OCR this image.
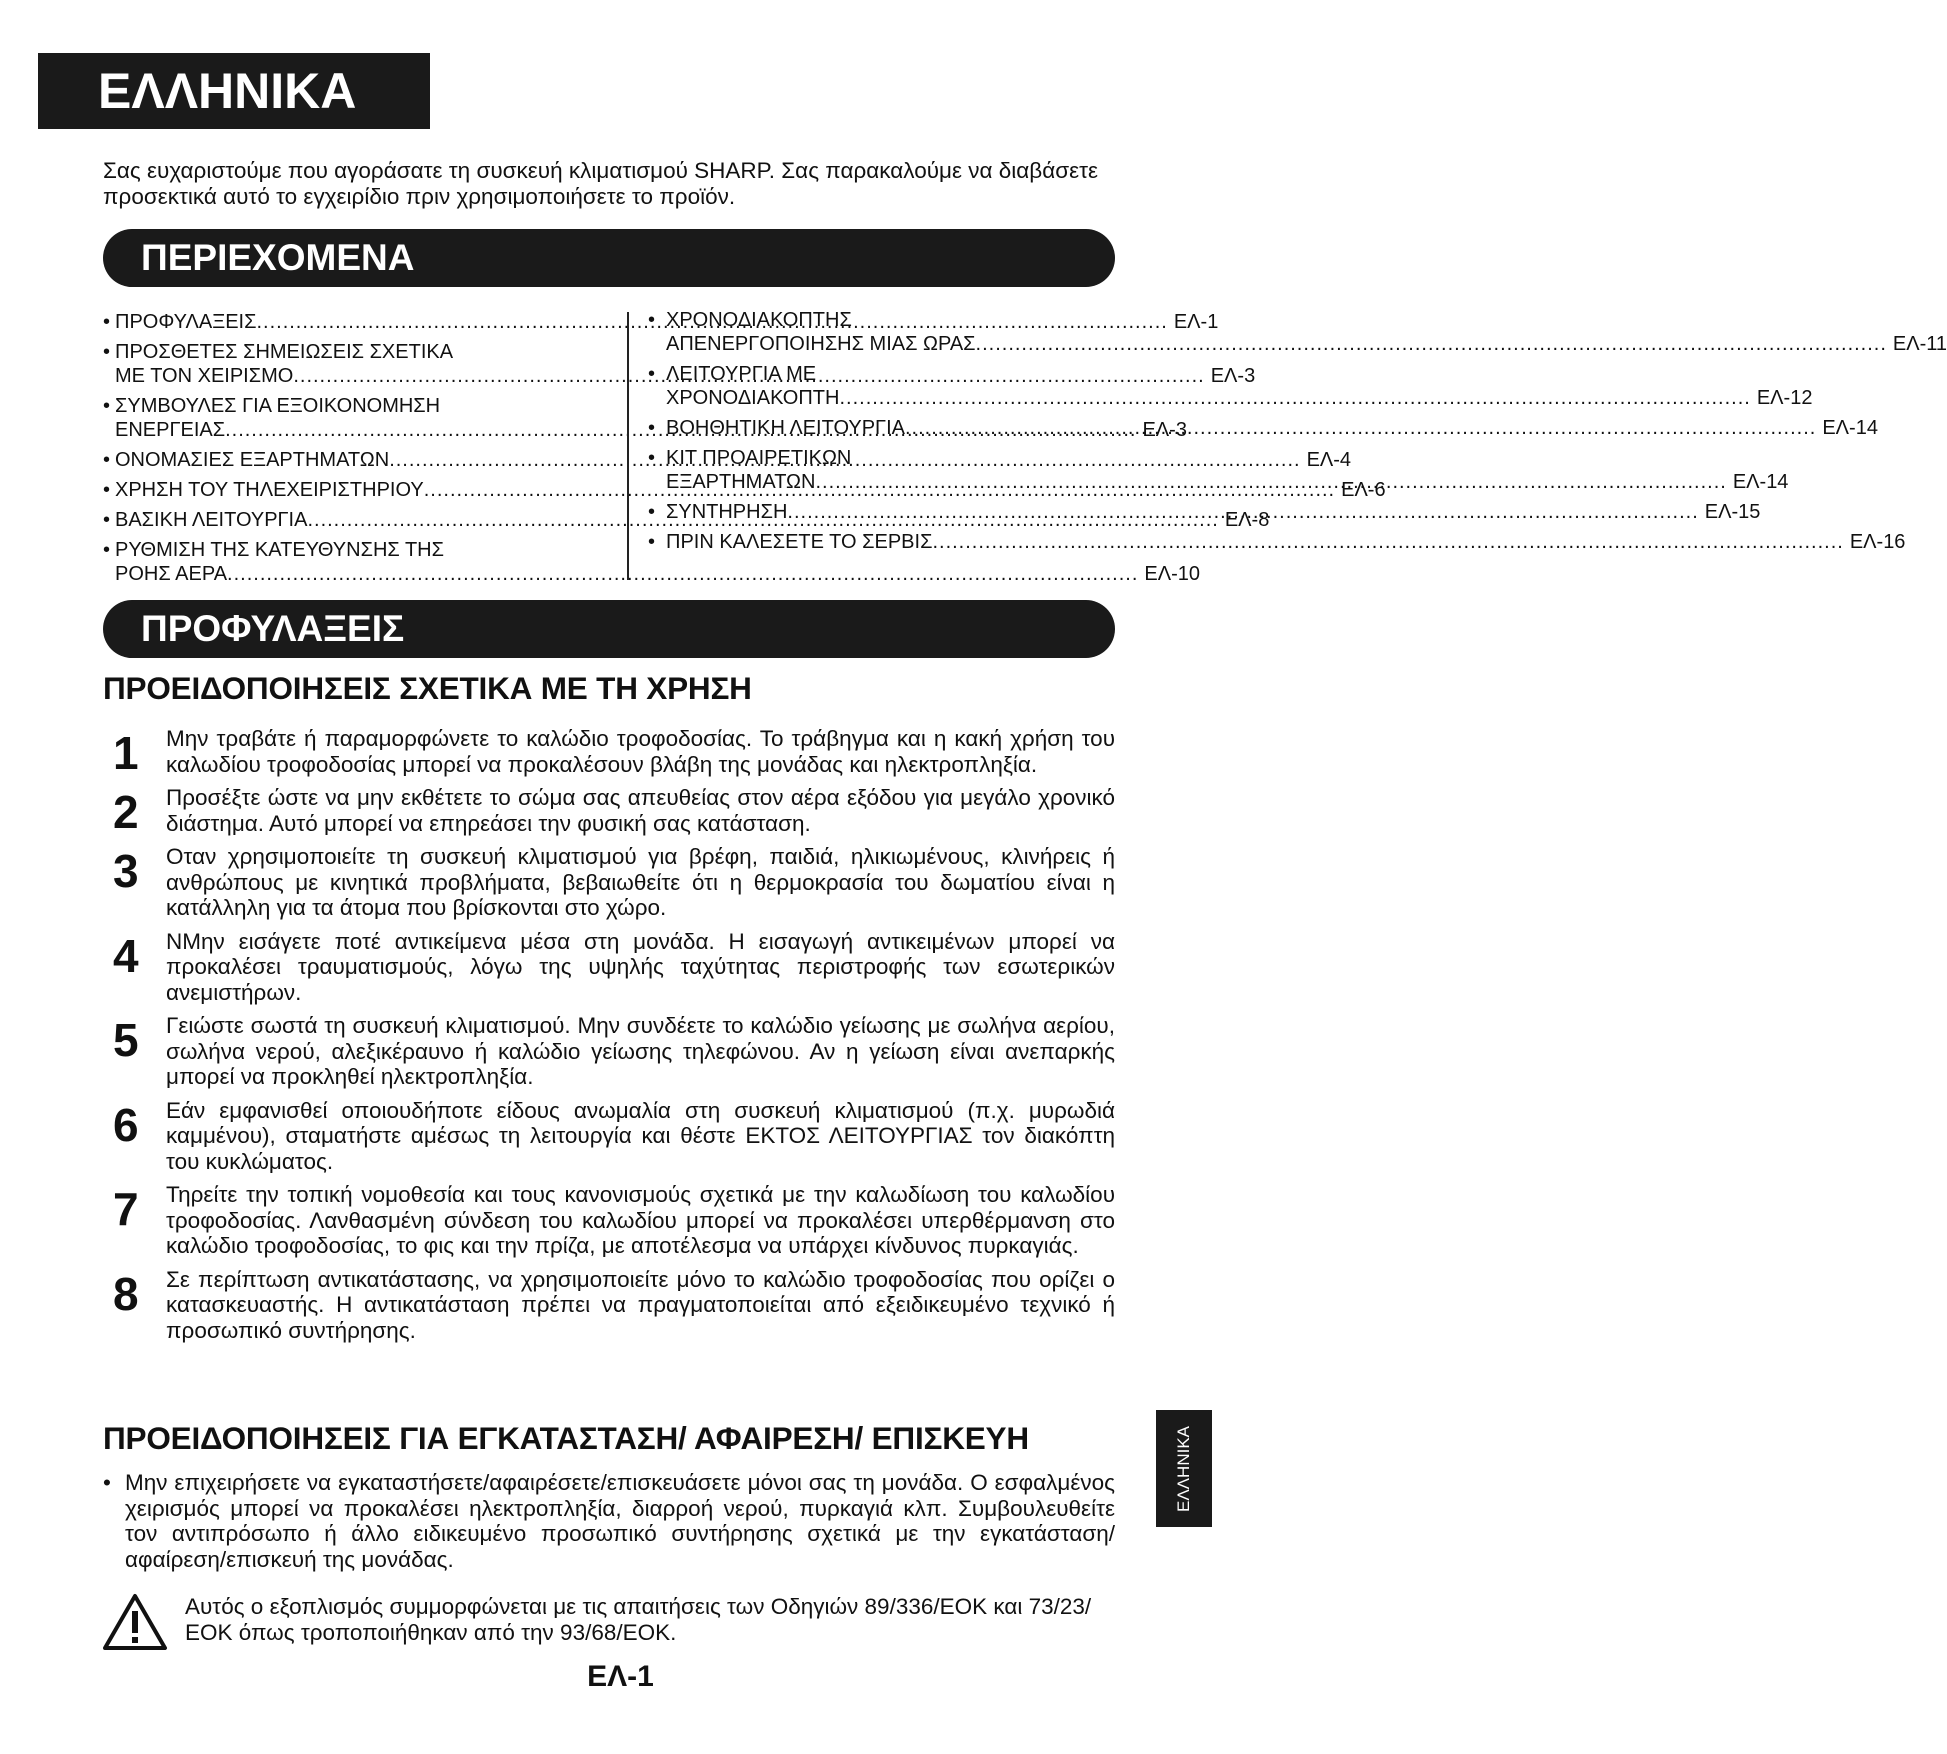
ΕΛΛΗΝΙΚΑ
Σας ευχαριστούμε που αγοράσατε τη συσκευή κλιματισμού SHARP. Σας παρακαλούμε να διαβάσετε προσεκτικά αυτό το εγχειρίδιο πριν χρησιμοποιήσετε το προϊόν.
ΠΕΡΙΕΧΟΜΕΝΑ
• ΠΡΟΦΥΛΑΞΕΙΣ .....	ΕΛ-1
• ΠΡΟΣΘΕΤΕΣ ΣΗΜΕΙΩΣΕΙΣ ΣΧΕΤΙΚΑ
ΜΕ ΤΟΝ ΧΕΙΡΙΣΜΟ .....	ΕΛ-3
• ΣΥΜΒΟΥΛΕΣ ΓΙΑ ΕΞΟΙΚΟΝΟΜΗΣΗ
ΕΝΕΡΓΕΙΑΣ .....	ΕΛ-3
• ΟΝΟΜΑΣΙΕΣ ΕΞΑΡΤΗΜΑΤΩΝ .....	ΕΛ-4
• ΧΡΗΣΗ ΤΟΥ ΤΗΛΕΧΕΙΡΙΣΤΗΡΙΟΥ .....	ΕΛ-6
• ΒΑΣΙΚΗ ΛΕΙΤΟΥΡΓΙΑ .....	ΕΛ-8
• ΡΥΘΜΙΣΗ ΤΗΣ ΚΑΤΕΥΘΥΝΣΗΣ ΤΗΣ
ΡΟΗΣ ΑΕΡΑ .....	ΕΛ-10
• ΧΡΟΝΟΔΙΑΚΟΠΤΗΣ
ΑΠΕΝΕΡΓΟΠΟΙΗΣΗΣ ΜΙΑΣ ΩΡΑΣ .....	ΕΛ-11
• ΛΕΙΤΟΥΡΓΙΑ ΜΕ
ΧΡΟΝΟΔΙΑΚΟΠΤΗ .....	ΕΛ-12
• ΒΟΗΘΗΤΙΚΗ ΛΕΙΤΟΥΡΓΙΑ .....	ΕΛ-14
• ΚΙΤ ΠΡΟΑΙΡΕΤΙΚΩΝ
ΕΞΑΡΤΗΜΑΤΩΝ .....	ΕΛ-14
• ΣΥΝΤΗΡΗΣΗ .....	ΕΛ-15
• ΠΡΙΝ ΚΑΛΕΣΕΤΕ ΤΟ ΣΕΡΒΙΣ .....	ΕΛ-16
ΠΡΟΦΥΛΑΞΕΙΣ
ΠΡΟΕΙΔΟΠΟΙΗΣΕΙΣ ΣΧΕΤΙΚΑ ΜΕ ΤΗ ΧΡΗΣΗ
1 Μην τραβάτε ή παραμορφώνετε το καλώδιο τροφοδοσίας. Το τράβηγμα και η κακή χρήση του καλωδίου τροφοδοσίας μπορεί να προκαλέσουν βλάβη της μονάδας και ηλεκτροπληξία.
2 Προσέξτε ώστε να μην εκθέτετε το σώμα σας απευθείας στον αέρα εξόδου για μεγάλο χρονικό διάστημα. Αυτό μπορεί να επηρεάσει την φυσική σας κατάσταση.
3 Οταν χρησιμοποιείτε τη συσκευή κλιματισμού για βρέφη, παιδιά, ηλικιωμένους, κλινήρεις ή ανθρώπους με κινητικά προβλήματα, βεβαιωθείτε ότι η θερμοκρασία του δωματίου είναι η κατάλληλη για τα άτομα που βρίσκονται στο χώρο.
4 ΝΜην εισάγετε ποτέ αντικείμενα μέσα στη μονάδα. Η εισαγωγή αντικειμένων μπορεί να προκαλέσει τραυματισμούς, λόγω της υψηλής ταχύτητας περιστροφής των εσωτερικών ανεμιστήρων.
5 Γειώστε σωστά τη συσκευή κλιματισμού. Μην συνδέετε το καλώδιο γείωσης με σωλήνα αερίου, σωλήνα νερού, αλεξικέραυνο ή καλώδιο γείωσης τηλεφώνου. Αν η γείωση είναι ανεπαρκής μπορεί να προκληθεί ηλεκτροπληξία.
6 Εάν εμφανισθεί οποιουδήποτε είδους ανωμαλία στη συσκευή κλιματισμού (π.χ. μυρωδιά καμμένου), σταματήστε αμέσως τη λειτουργία και θέστε ΕΚΤΟΣ ΛΕΙΤΟΥΡΓΙΑΣ τον διακόπτη του κυκλώματος.
7 Τηρείτε την τοπική νομοθεσία και τους κανονισμούς σχετικά με την καλωδίωση του καλωδίου τροφοδοσίας. Λανθασμένη σύνδεση του καλωδίου μπορεί να προκαλέσει υπερθέρμανση στο καλώδιο τροφοδοσίας, το φις και την πρίζα, με αποτέλεσμα να υπάρχει κίνδυνος πυρκαγιάς.
8 Σε περίπτωση αντικατάστασης, να χρησιμοποιείτε μόνο το καλώδιο τροφοδοσίας που ορίζει ο κατασκευαστής. Η αντικατάσταση πρέπει να πραγματοποιείται από εξειδικευμένο τεχνικό ή προσωπικό συντήρησης.
ΠΡΟΕΙΔΟΠΟΙΗΣΕΙΣ ΓΙΑ ΕΓΚΑΤΑΣΤΑΣΗ/ ΑΦΑΙΡΕΣΗ/ ΕΠΙΣΚΕΥΗ
• Μην επιχειρήσετε να εγκαταστήσετε/αφαιρέσετε/επισκευάσετε μόνοι σας τη μονάδα. Ο εσφαλμένος χειρισμός μπορεί να προκαλέσει ηλεκτροπληξία, διαρροή νερού, πυρκαγιά κλπ. Συμβουλευθείτε τον αντιπρόσωπο ή άλλο ειδικευμένο προσωπικό συντήρησης σχετικά με την εγκατάσταση/αφαίρεση/επισκευή της μονάδας.
Αυτός ο εξοπλισμός συμμορφώνεται με τις απαιτήσεις των Οδηγιών 89/336/ΕΟΚ και 73/23/ΕΟΚ όπως τροποποιήθηκαν από την 93/68/ΕΟΚ.
ΕΛΛΗΝΙΚΑ
ΕΛ-1
